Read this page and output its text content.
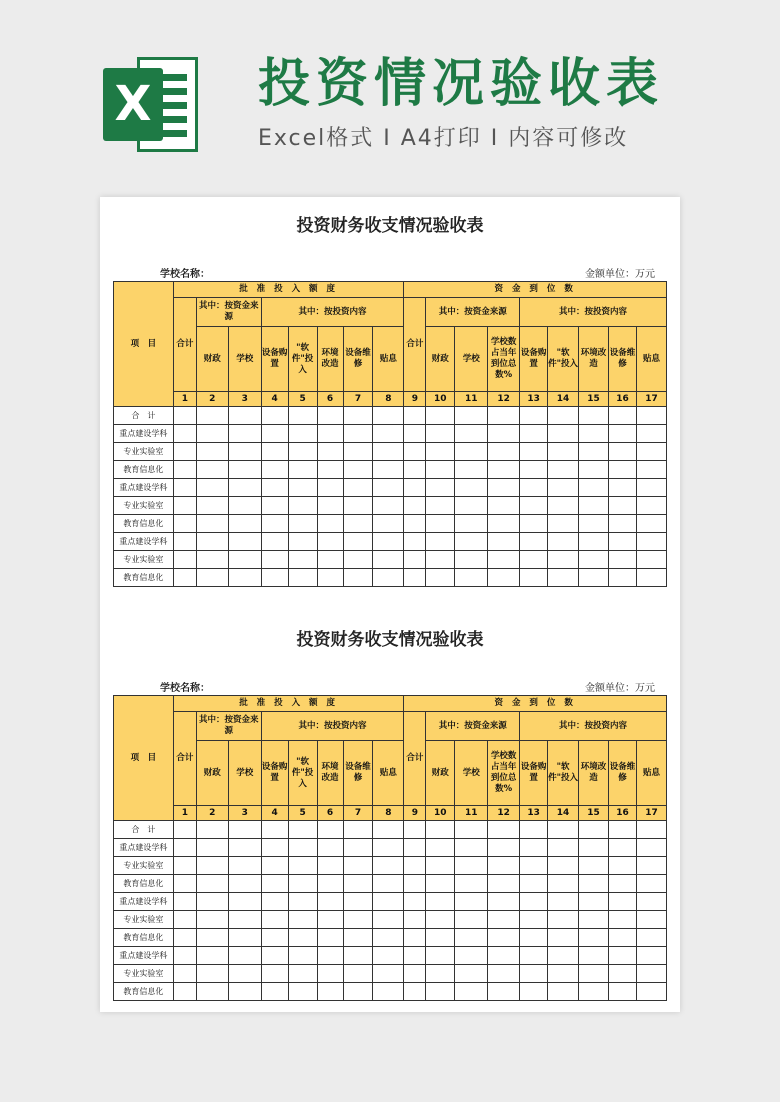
X 投资情况验收表
Excel格式 I A4打印 I 内容可修改
投资财务收支情况验收表
学校名称：	金额单位：万元
项　目	批 准 投 入 额 度								资 金 到 位 数								
	合计	其中：按资金来源		其中：按投资内容					合计	其中：按资金来源			其中：按投资内容				
		财政	学校	设备购置	"软件"投入	环境改造	设备维修	贴息		财政	学校	学校数占当年到位总数%	设备购置	"软件"投入	环境改造	设备维修	贴息
	1	2	3	4	5	6	7	8	9	10	11	12	13	14	15	16	17
合　计																	
重点建设学科																	
专业实验室																	
教育信息化																	
重点建设学科																	
专业实验室																	
教育信息化																	
重点建设学科																	
专业实验室																	
教育信息化																	
投资财务收支情况验收表
学校名称：	金额单位：万元
项　目	批 准 投 入 额 度								资 金 到 位 数								
	合计	其中：按资金来源		其中：按投资内容					合计	其中：按资金来源			其中：按投资内容				
		财政	学校	设备购置	"软件"投入	环境改造	设备维修	贴息		财政	学校	学校数占当年到位总数%	设备购置	"软件"投入	环境改造	设备维修	贴息
	1	2	3	4	5	6	7	8	9	10	11	12	13	14	15	16	17
合　计																	
重点建设学科																	
专业实验室																	
教育信息化																	
重点建设学科																	
专业实验室																	
教育信息化																	
重点建设学科																	
专业实验室																	
教育信息化																	
